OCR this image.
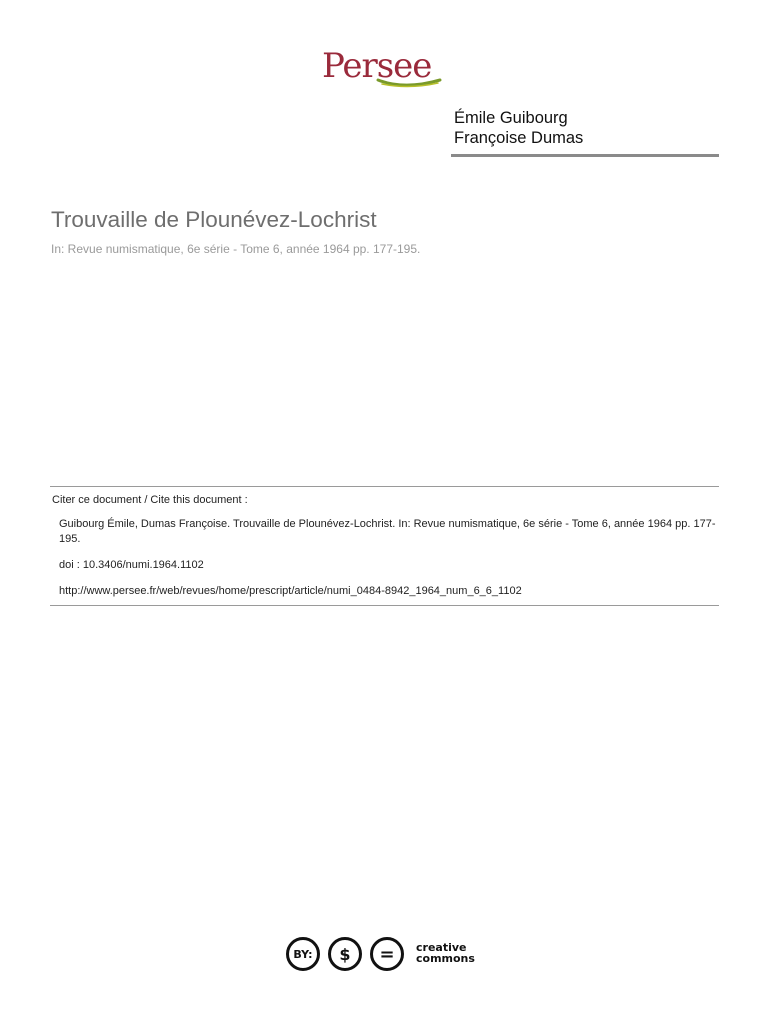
Persee
Émile Guibourg
Françoise Dumas
Trouvaille de Plounévez-Lochrist
In: Revue numismatique, 6e série - Tome 6, année 1964 pp. 177-195.
Citer ce document / Cite this document :
Guibourg Émile, Dumas Françoise. Trouvaille de Plounévez-Lochrist. In: Revue numismatique, 6e série - Tome 6, année 1964 pp. 177-195.
doi : 10.3406/numi.1964.1102
http://www.persee.fr/web/revues/home/prescript/article/numi_0484-8942_1964_num_6_6_1102
BY:	$	=	creative
commons
